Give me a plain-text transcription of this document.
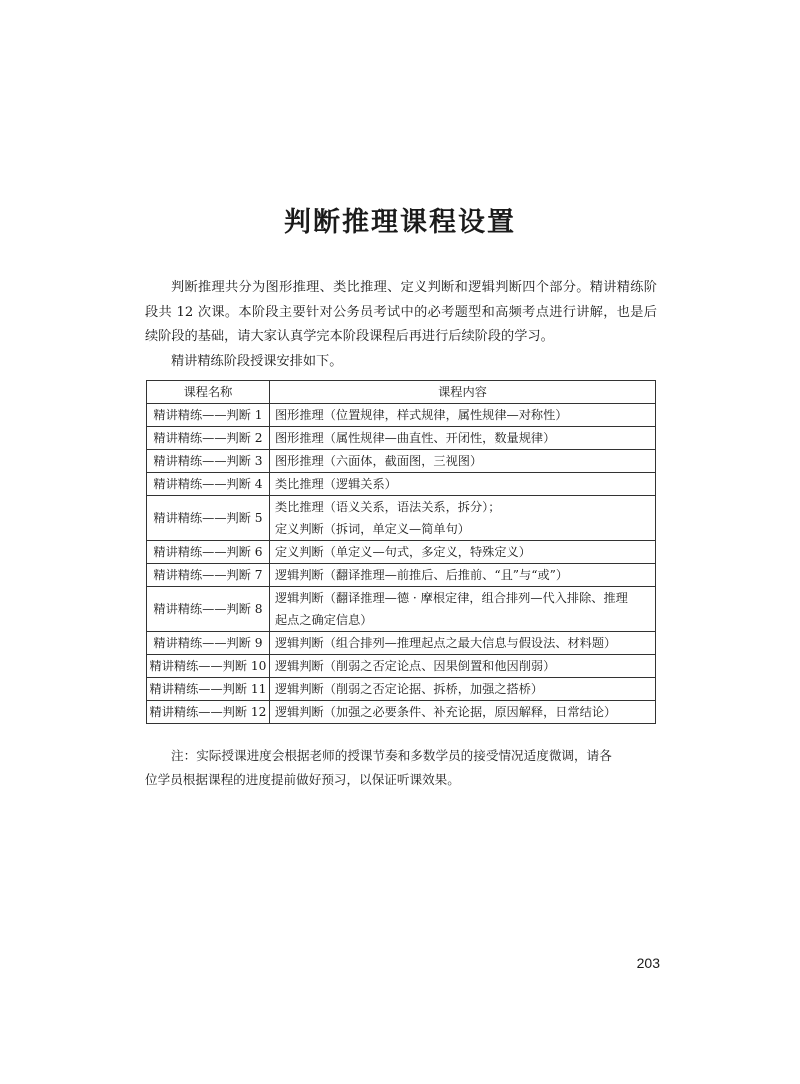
判断推理课程设置

判断推理共分为图形推理、类比推理、定义判断和逻辑判断四个部分。精讲精练阶段共 12 次课。本阶段主要针对公务员考试中的必考题型和高频考点进行讲解，也是后续阶段的基础，请大家认真学完本阶段课程后再进行后续阶段的学习。

精讲精练阶段授课安排如下。

课程名称	课程内容
精讲精练——判断 1	图形推理（位置规律，样式规律，属性规律—对称性）

精讲精练——判断 2	图形推理（属性规律—曲直性、开闭性，数量规律）

精讲精练——判断 3	图形推理（六面体，截面图，三视图）

精讲精练——判断 4	类比推理（逻辑关系）

精讲精练——判断 5	类比推理（语义关系，语法关系，拆分）；
定义判断（拆词，单定义—简单句）

精讲精练——判断 6	定义判断（单定义—句式，多定义，特殊定义）

精讲精练——判断 7	逻辑判断（翻译推理—前推后、后推前、“且”与“或”）

精讲精练——判断 8	逻辑判断（翻译推理—德 · 摩根定律，组合排列—代入排除、推理
起点之确定信息）

精讲精练——判断 9	逻辑判断（组合排列—推理起点之最大信息与假设法、材料题）

精讲精练——判断 10	逻辑判断（削弱之否定论点、因果倒置和他因削弱）

精讲精练——判断 11	逻辑判断（削弱之否定论据、拆桥，加强之搭桥）

精讲精练——判断 12	逻辑判断（加强之必要条件、补充论据，原因解释，日常结论）
注：实际授课进度会根据老师的授课节奏和多数学员的接受情况适度微调，请各
位学员根据课程的进度提前做好预习，以保证听课效果。
203
